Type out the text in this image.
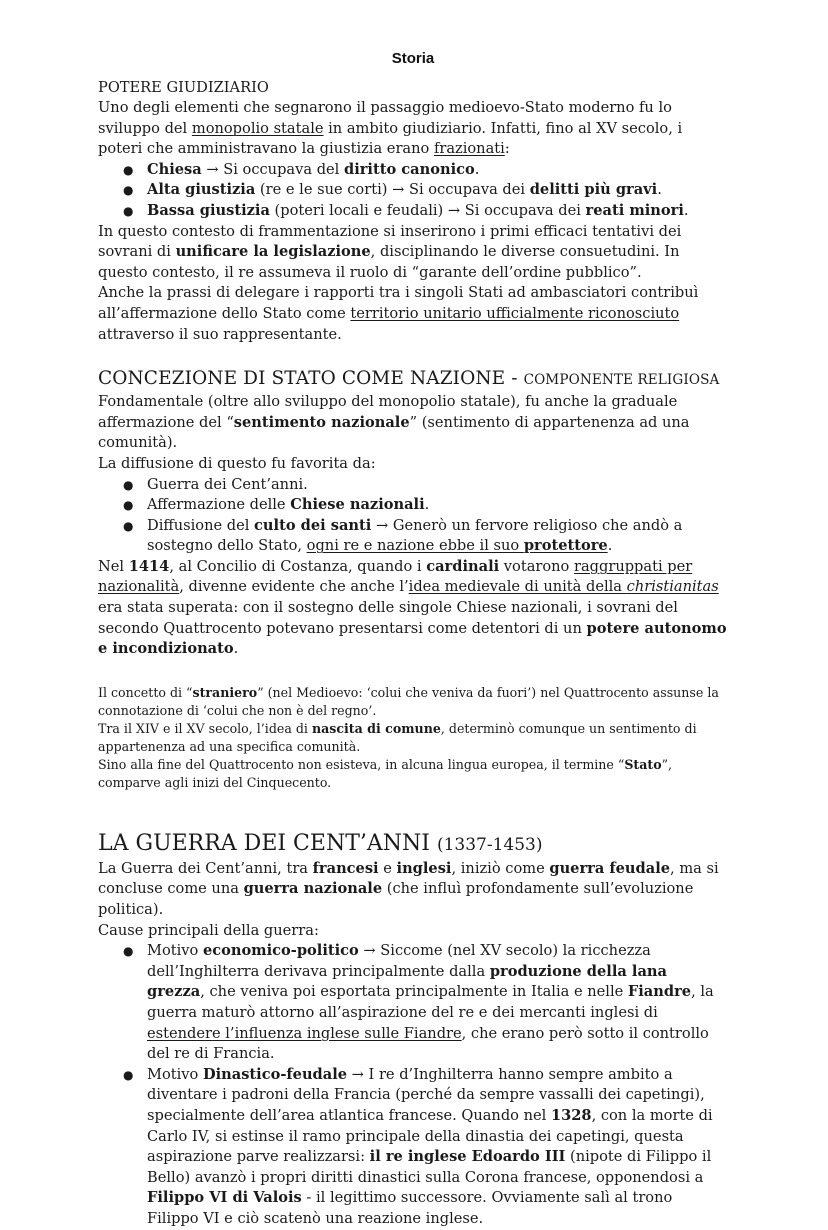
Storia

POTERE GIUDIZIARIO

Uno degli elementi che segnarono il passaggio medioevo-Stato moderno fu lo sviluppo del monopolio statale in ambito giudiziario. Infatti, fino al XV secolo, i poteri che amministravano la giustizia erano frazionati:

● Chiesa → Si occupava del diritto canonico.
● Alta giustizia (re e le sue corti) → Si occupava dei delitti più gravi.
● Bassa giustizia (poteri locali e feudali) → Si occupava dei reati minori.

In questo contesto di frammentazione si inserirono i primi efficaci tentativi dei sovrani di unificare la legislazione, disciplinando le diverse consuetudini. In questo contesto, il re assumeva il ruolo di “garante dell’ordine pubblico”.

Anche la prassi di delegare i rapporti tra i singoli Stati ad ambasciatori contribuì all’affermazione dello Stato come territorio unitario ufficialmente riconosciuto attraverso il suo rappresentante.

CONCEZIONE DI STATO COME NAZIONE - COMPONENTE RELIGIOSA

Fondamentale (oltre allo sviluppo del monopolio statale), fu anche la graduale affermazione del “sentimento nazionale” (sentimento di appartenenza ad una comunità).

La diffusione di questo fu favorita da:

● Guerra dei Cent’anni.
● Affermazione delle Chiese nazionali.
● Diffusione del culto dei santi → Generò un fervore religioso che andò a sostegno dello Stato, ogni re e nazione ebbe il suo protettore.

Nel 1414, al Concilio di Costanza, quando i cardinali votarono raggruppati per nazionalità, divenne evidente che anche l’idea medievale di unità della christianitas era stata superata: con il sostegno delle singole Chiese nazionali, i sovrani del secondo Quattrocento potevano presentarsi come detentori di un potere autonomo e incondizionato.

Il concetto di “straniero” (nel Medioevo: ‘colui che veniva da fuori’) nel Quattrocento assunse la connotazione di ‘colui che non è del regno’.

Tra il XIV e il XV secolo, l’idea di nascita di comune, determinò comunque un sentimento di appartenenza ad una specifica comunità.

Sino alla fine del Quattrocento non esisteva, in alcuna lingua europea, il termine “Stato”, comparve agli inizi del Cinquecento.

LA GUERRA DEI CENT’ANNI (1337-1453)

La Guerra dei Cent’anni, tra francesi e inglesi, iniziò come guerra feudale, ma si concluse come una guerra nazionale (che influì profondamente sull’evoluzione politica).

Cause principali della guerra:

● Motivo economico-politico → Siccome (nel XV secolo) la ricchezza dell’Inghilterra derivava principalmente dalla produzione della lana grezza, che veniva poi esportata principalmente in Italia e nelle Fiandre, la guerra maturò attorno all’aspirazione del re e dei mercanti inglesi di estendere l’influenza inglese sulle Fiandre, che erano però sotto il controllo del re di Francia.
● Motivo Dinastico-feudale → I re d’Inghilterra hanno sempre ambito a diventare i padroni della Francia (perché da sempre vassalli dei capetingi), specialmente dell’area atlantica francese. Quando nel 1328, con la morte di Carlo IV, si estinse il ramo principale della dinastia dei capetingi, questa aspirazione parve realizzarsi: il re inglese Edoardo III (nipote di Filippo il Bello) avanzò i propri diritti dinastici sulla Corona francese, opponendosi a Filippo VI di Valois - il legittimo successore. Ovviamente salì al trono Filippo VI e ciò scatenò una reazione inglese.
